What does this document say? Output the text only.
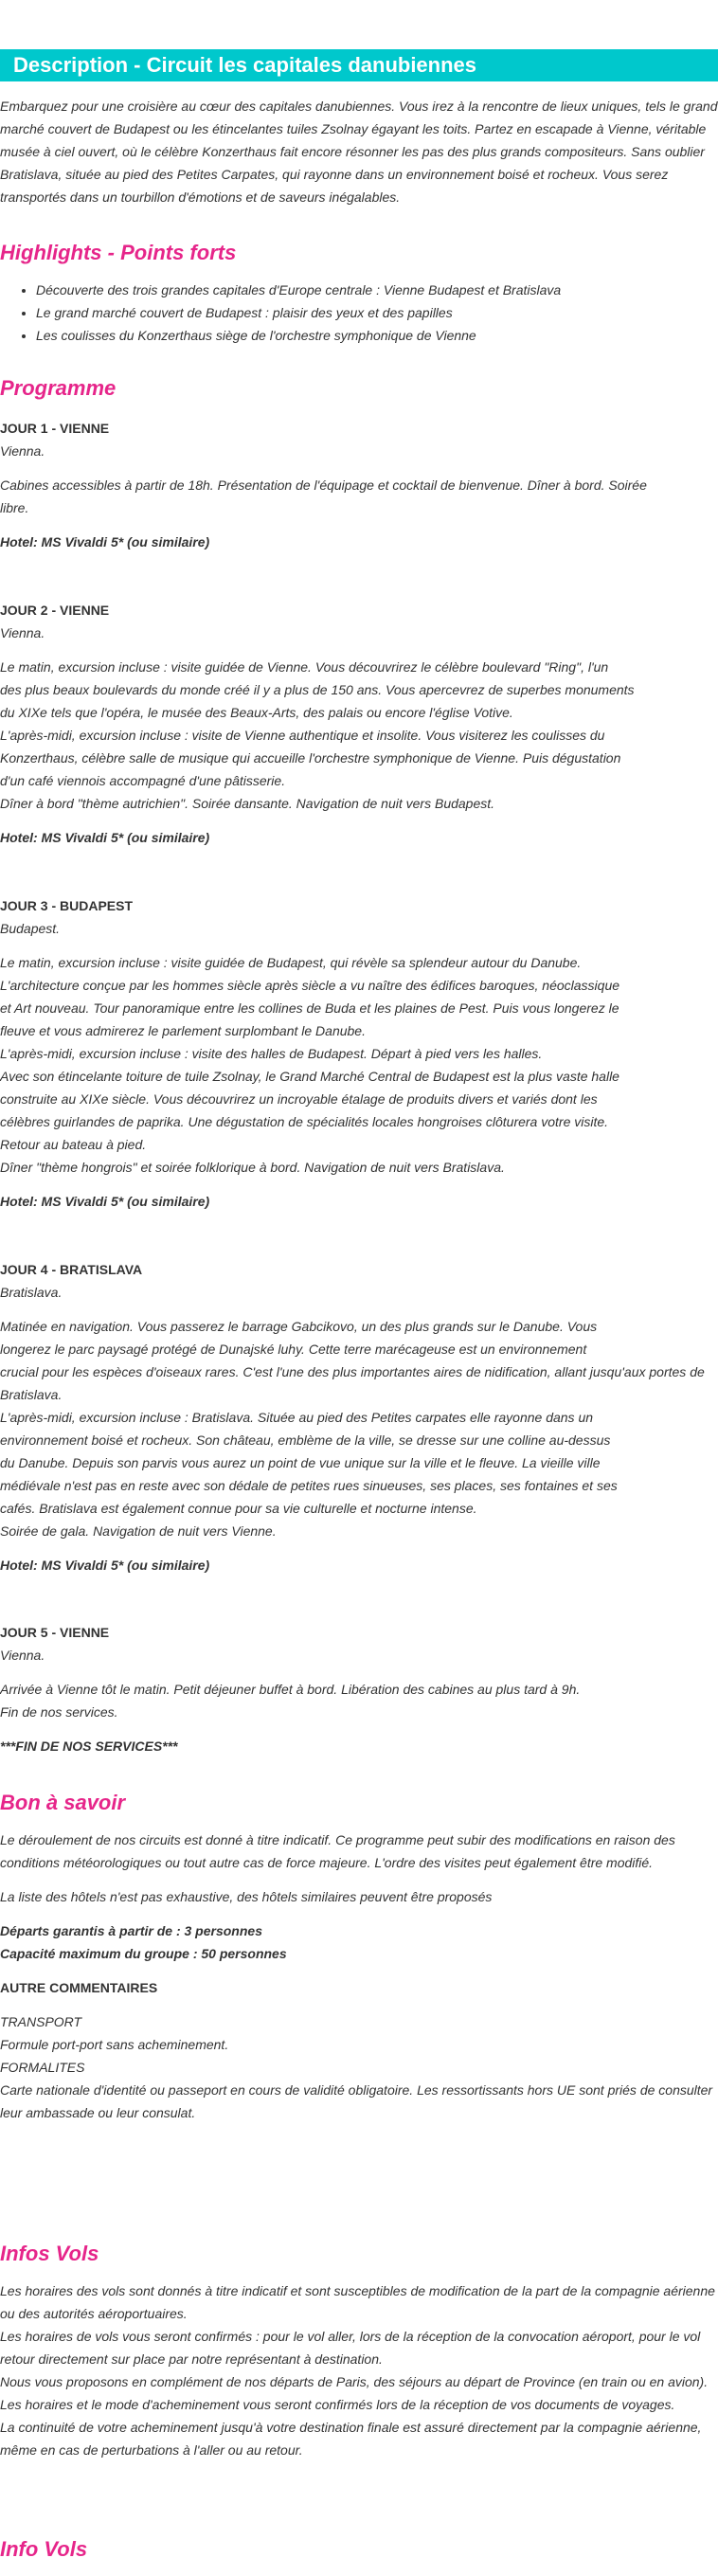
Description - Circuit les capitales danubiennes

Embarquez pour une croisière au cœur des capitales danubiennes. Vous irez à la rencontre de lieux uniques, tels le grand marché couvert de Budapest ou les étincelantes tuiles Zsolnay égayant les toits. Partez en escapade à Vienne, véritable musée à ciel ouvert, où le célèbre Konzerthaus fait encore résonner les pas des plus grands compositeurs. Sans oublier Bratislava, située au pied des Petites Carpates, qui rayonne dans un environnement boisé et rocheux. Vous serez transportés dans un tourbillon d'émotions et de saveurs inégalables.

Highlights - Points forts
• Découverte des trois grandes capitales d'Europe centrale : Vienne Budapest et Bratislava
• Le grand marché couvert de Budapest : plaisir des yeux et des papilles
• Les coulisses du Konzerthaus siège de l'orchestre symphonique de Vienne
Programme

JOUR 1 - VIENNE

Vienna.

Cabines accessibles à partir de 18h. Présentation de l'équipage et cocktail de bienvenue. Dîner à bord. Soirée

libre.

Hotel: MS Vivaldi 5* (ou similaire)

JOUR 2 - VIENNE

Vienna.

Le matin, excursion incluse : visite guidée de Vienne. Vous découvrirez le célèbre boulevard "Ring", l'un

des plus beaux boulevards du monde créé il y a plus de 150 ans. Vous apercevrez de superbes monuments

du XIXe tels que l'opéra, le musée des Beaux-Arts, des palais ou encore l'église Votive.

L'après-midi, excursion incluse : visite de Vienne authentique et insolite. Vous visiterez les coulisses du

Konzerthaus, célèbre salle de musique qui accueille l'orchestre symphonique de Vienne. Puis dégustation

d'un café viennois accompagné d'une pâtisserie.

Dîner à bord "thème autrichien". Soirée dansante. Navigation de nuit vers Budapest.

Hotel: MS Vivaldi 5* (ou similaire)

JOUR 3 - BUDAPEST

Budapest.

Le matin, excursion incluse : visite guidée de Budapest, qui révèle sa splendeur autour du Danube.

L'architecture conçue par les hommes siècle après siècle a vu naître des édifices baroques, néoclassique

et Art nouveau. Tour panoramique entre les collines de Buda et les plaines de Pest. Puis vous longerez le

fleuve et vous admirerez le parlement surplombant le Danube.

L'après-midi, excursion incluse : visite des halles de Budapest. Départ à pied vers les halles.

Avec son étincelante toiture de tuile Zsolnay, le Grand Marché Central de Budapest est la plus vaste halle

construite au XIXe siècle. Vous découvrirez un incroyable étalage de produits divers et variés dont les

célèbres guirlandes de paprika. Une dégustation de spécialités locales hongroises clôturera votre visite.

Retour au bateau à pied.

Dîner "thème hongrois" et soirée folklorique à bord. Navigation de nuit vers Bratislava.

Hotel: MS Vivaldi 5* (ou similaire)

JOUR 4 - BRATISLAVA

Bratislava.

Matinée en navigation. Vous passerez le barrage Gabcikovo, un des plus grands sur le Danube. Vous

longerez le parc paysagé protégé de Dunajské luhy. Cette terre marécageuse est un environnement

crucial pour les espèces d'oiseaux rares. C'est l'une des plus importantes aires de nidification, allant jusqu'aux portes de

Bratislava.

L'après-midi, excursion incluse : Bratislava. Située au pied des Petites carpates elle rayonne dans un

environnement boisé et rocheux. Son château, emblème de la ville, se dresse sur une colline au-dessus

du Danube. Depuis son parvis vous aurez un point de vue unique sur la ville et le fleuve. La vieille ville

médiévale n'est pas en reste avec son dédale de petites rues sinueuses, ses places, ses fontaines et ses

cafés. Bratislava est également connue pour sa vie culturelle et nocturne intense.

Soirée de gala. Navigation de nuit vers Vienne.

Hotel: MS Vivaldi 5* (ou similaire)

JOUR 5 - VIENNE

Vienna.

Arrivée à Vienne tôt le matin. Petit déjeuner buffet à bord. Libération des cabines au plus tard à 9h.

Fin de nos services.

***FIN DE NOS SERVICES***

Bon à savoir

Le déroulement de nos circuits est donné à titre indicatif. Ce programme peut subir des modifications en raison des conditions météorologiques ou tout autre cas de force majeure. L'ordre des visites peut également être modifié.

La liste des hôtels n'est pas exhaustive, des hôtels similaires peuvent être proposés

Départs garantis à partir de : 3 personnes

Capacité maximum du groupe : 50 personnes

AUTRE COMMENTAIRES

TRANSPORT

Formule port-port sans acheminement.

FORMALITES

Carte nationale d'identité ou passeport en cours de validité obligatoire. Les ressortissants hors UE sont priés de consulter leur ambassade ou leur consulat.

Infos Vols

Les horaires des vols sont donnés à titre indicatif et sont susceptibles de modification de la part de la compagnie aérienne ou des autorités aéroportuaires.

Les horaires de vols vous seront confirmés : pour le vol aller, lors de la réception de la convocation aéroport, pour le vol retour directement sur place par notre représentant à destination.

Nous vous proposons en complément de nos départs de Paris, des séjours au départ de Province (en train ou en avion).

Les horaires et le mode d'acheminement vous seront confirmés lors de la réception de vos documents de voyages.

La continuité de votre acheminement jusqu'à votre destination finale est assuré directement par la compagnie aérienne, même en cas de perturbations à l'aller ou au retour.

Info Vols
